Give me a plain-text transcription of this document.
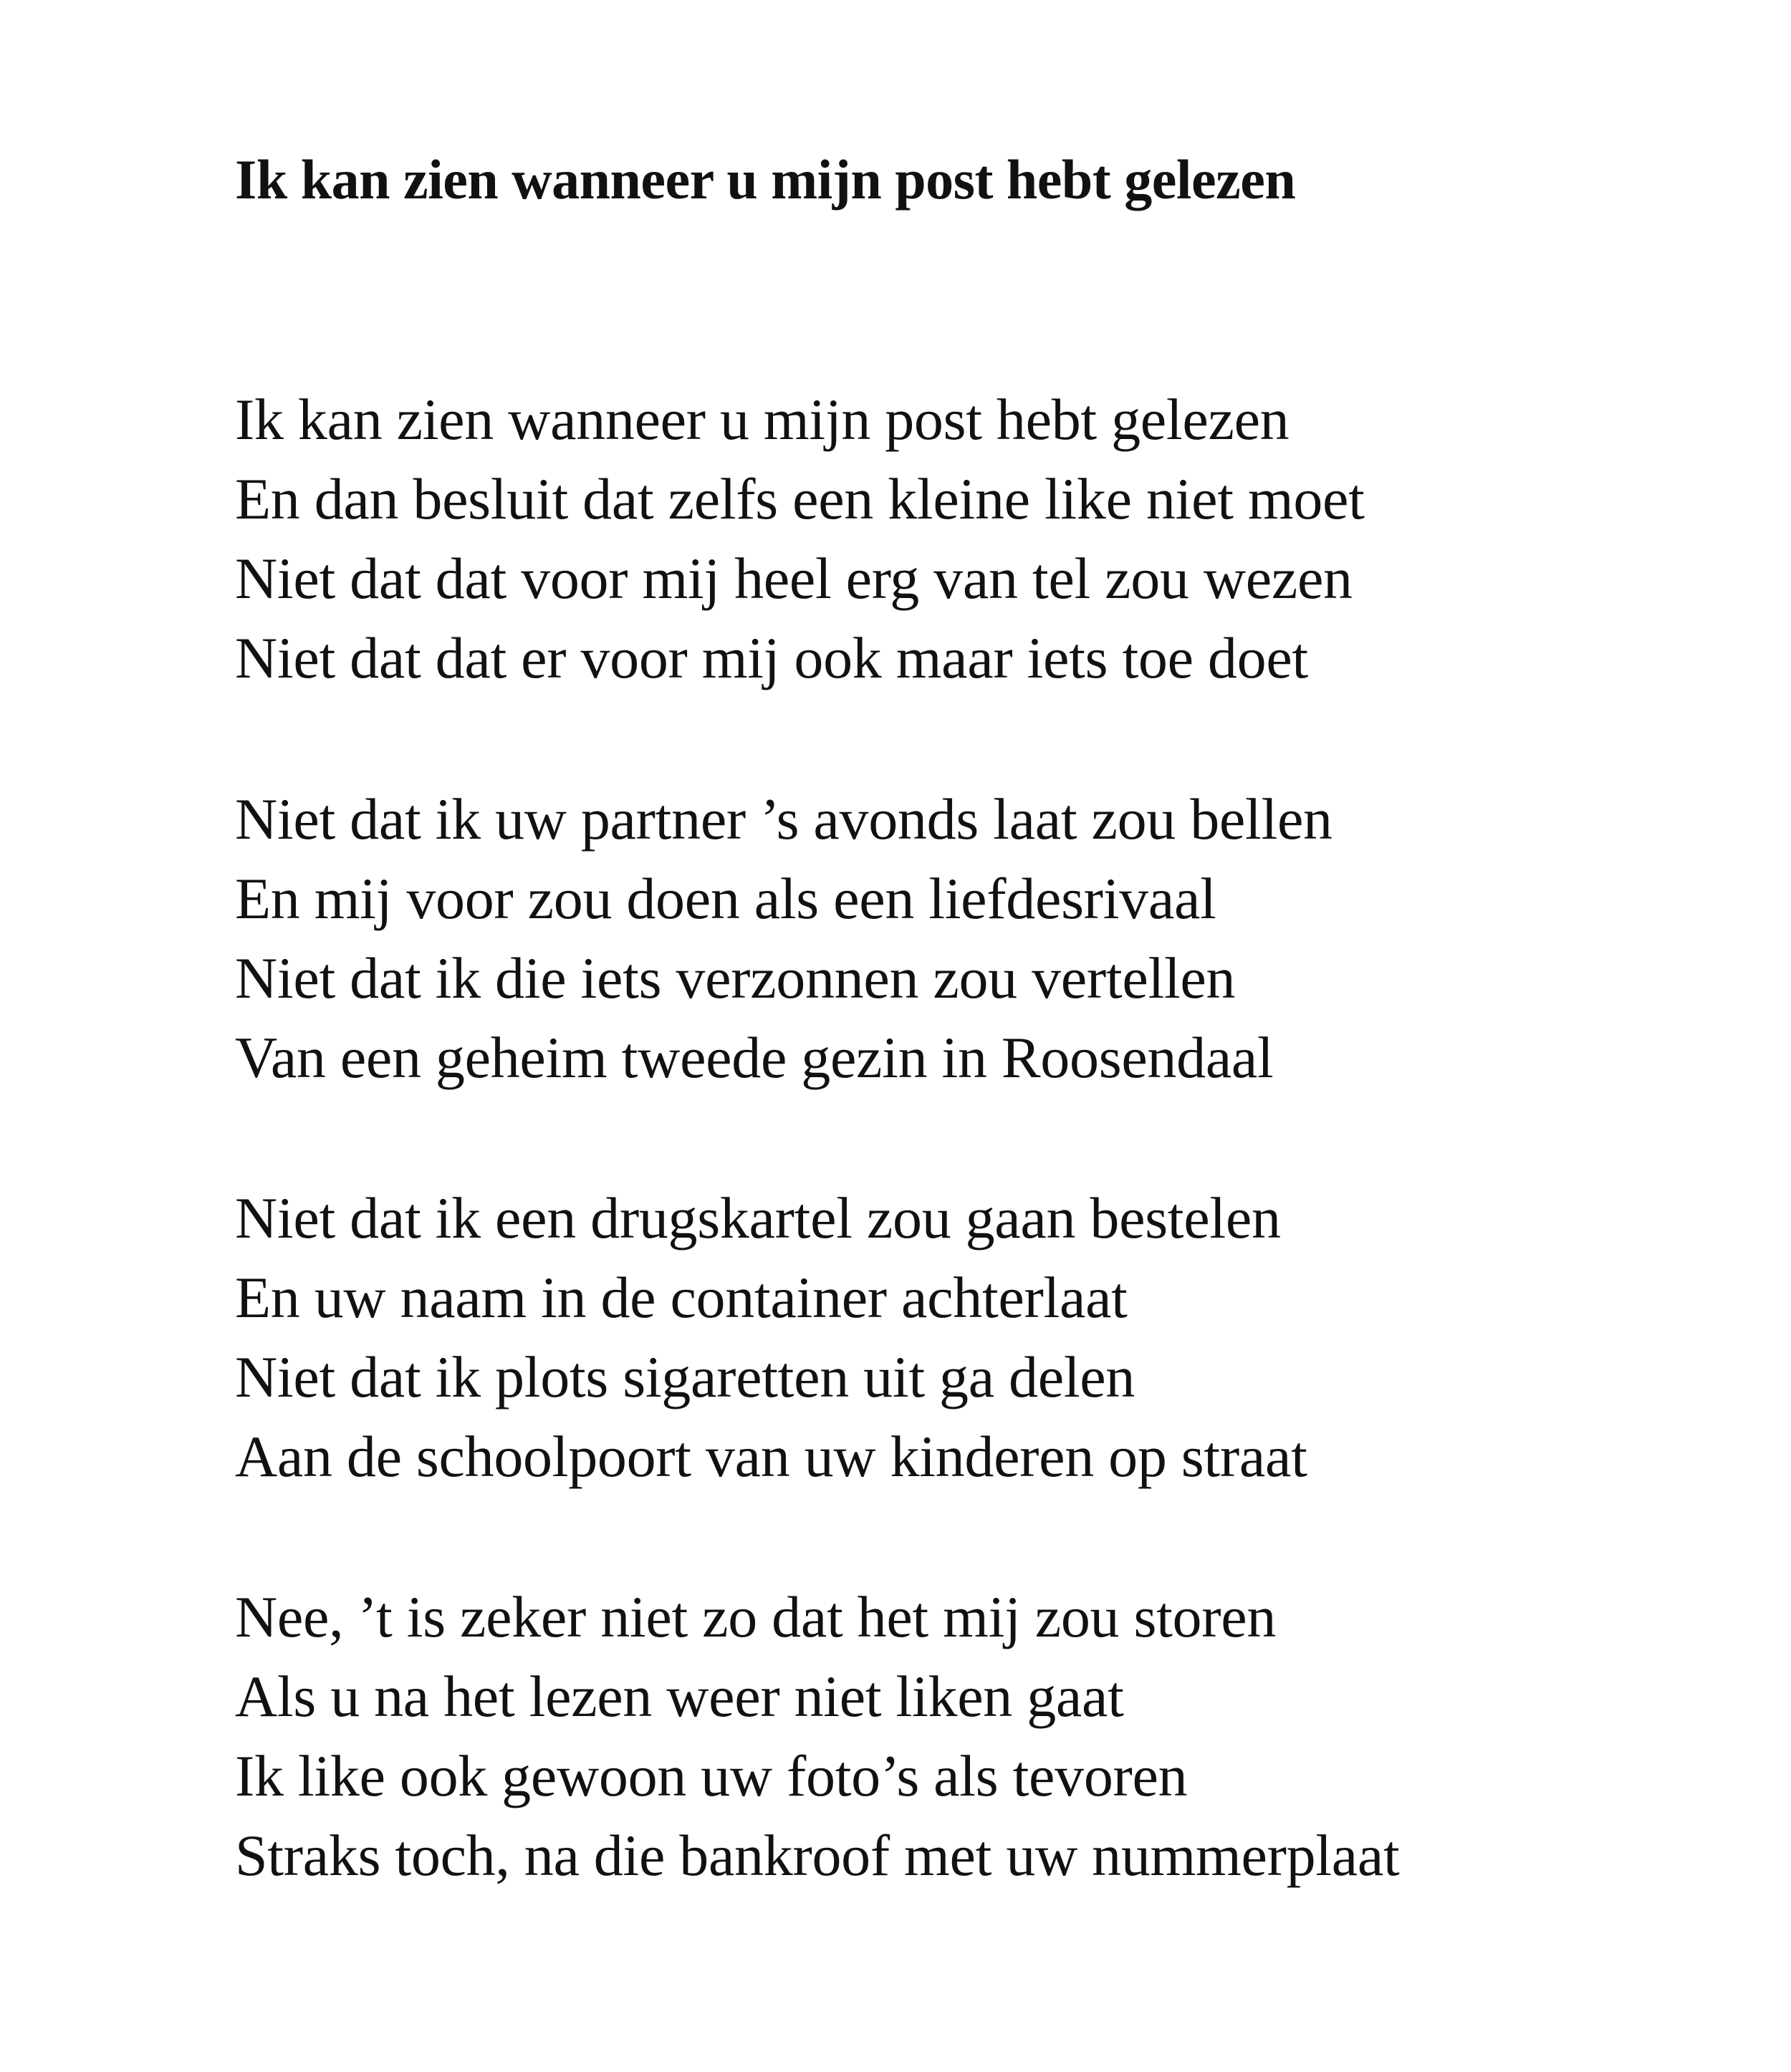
Ik kan zien wanneer u mijn post hebt gelezen
Ik kan zien wanneer u mijn post hebt gelezen
En dan besluit dat zelfs een kleine like niet moet
Niet dat dat voor mij heel erg van tel zou wezen
Niet dat dat er voor mij ook maar iets toe doet
Niet dat ik uw partner ’s avonds laat zou bellen
En mij voor zou doen als een liefdesrivaal
Niet dat ik die iets verzonnen zou vertellen
Van een geheim tweede gezin in Roosendaal
Niet dat ik een drugskartel zou gaan bestelen
En uw naam in de container achterlaat
Niet dat ik plots sigaretten uit ga delen
Aan de schoolpoort van uw kinderen op straat
Nee, ’t is zeker niet zo dat het mij zou storen
Als u na het lezen weer niet liken gaat
Ik like ook gewoon uw foto’s als tevoren
Straks toch, na die bankroof met uw nummerplaat
